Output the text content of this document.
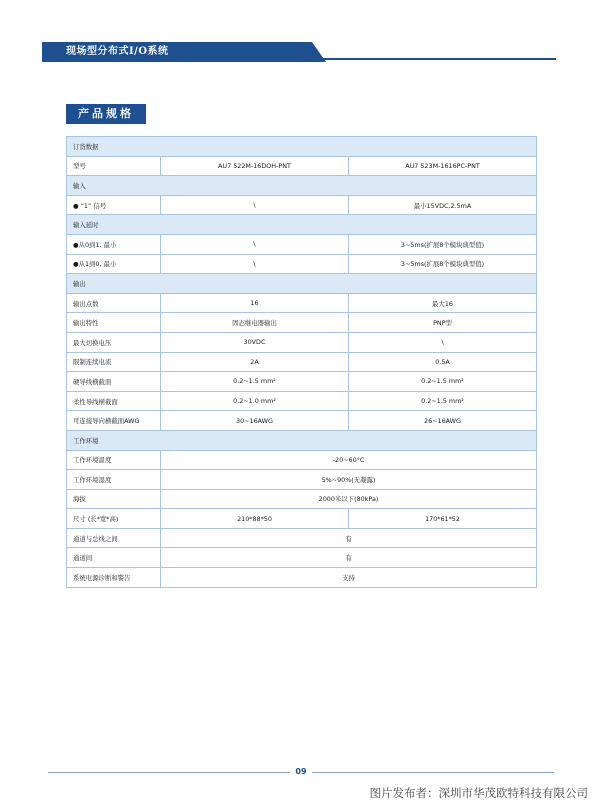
现场型分布式I/O系统
产品规格
订货数据		
型号	AU7 522M-16DOH-PNT	AU7 523M-1616PC-PNT
输入		
● “1” 信号	\	最小15VDC,2.5mA
输入延时		
●从0到1, 最小	\	3~5ms(扩展8个模块典型值)
●从1到0, 最小	\	3~5ms(扩展8个模块典型值)
输出		
输出点数	16	最大16
输出特性	固态继电器输出	PNP型
最大切换电压	30VDC	\
限制连续电流	2A	0.5A
硬导线横截面	0.2~1.5 mm²	0.2~1.5 mm²
柔性导线横截面	0.2~1.0 mm²	0.2~1.5 mm²
可连接导向横截面AWG	30~16AWG	26~16AWG
工作环境		
工作环境温度	-20~60°C	
工作环境湿度	5%~90%(无凝露)	
海拔	2000米以下(80kPa)	
尺寸 (长*宽*高)	210*88*50	170*61*52
通道与总线之间	有	
通道间	有	
系统电源诊断和警告	支持	
09
图片发布者：深圳市华茂欧特科技有限公司
